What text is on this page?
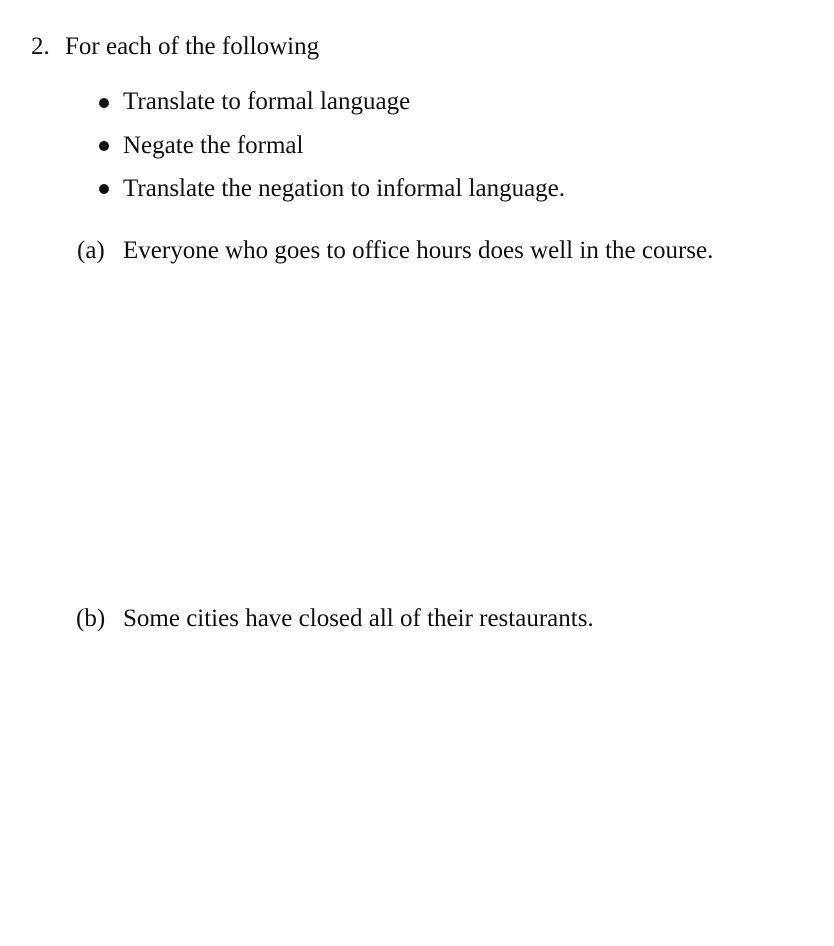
2. For each of the following
Translate to formal language
Negate the formal
Translate the negation to informal language.
(a) Everyone who goes to office hours does well in the course.
(b) Some cities have closed all of their restaurants.
